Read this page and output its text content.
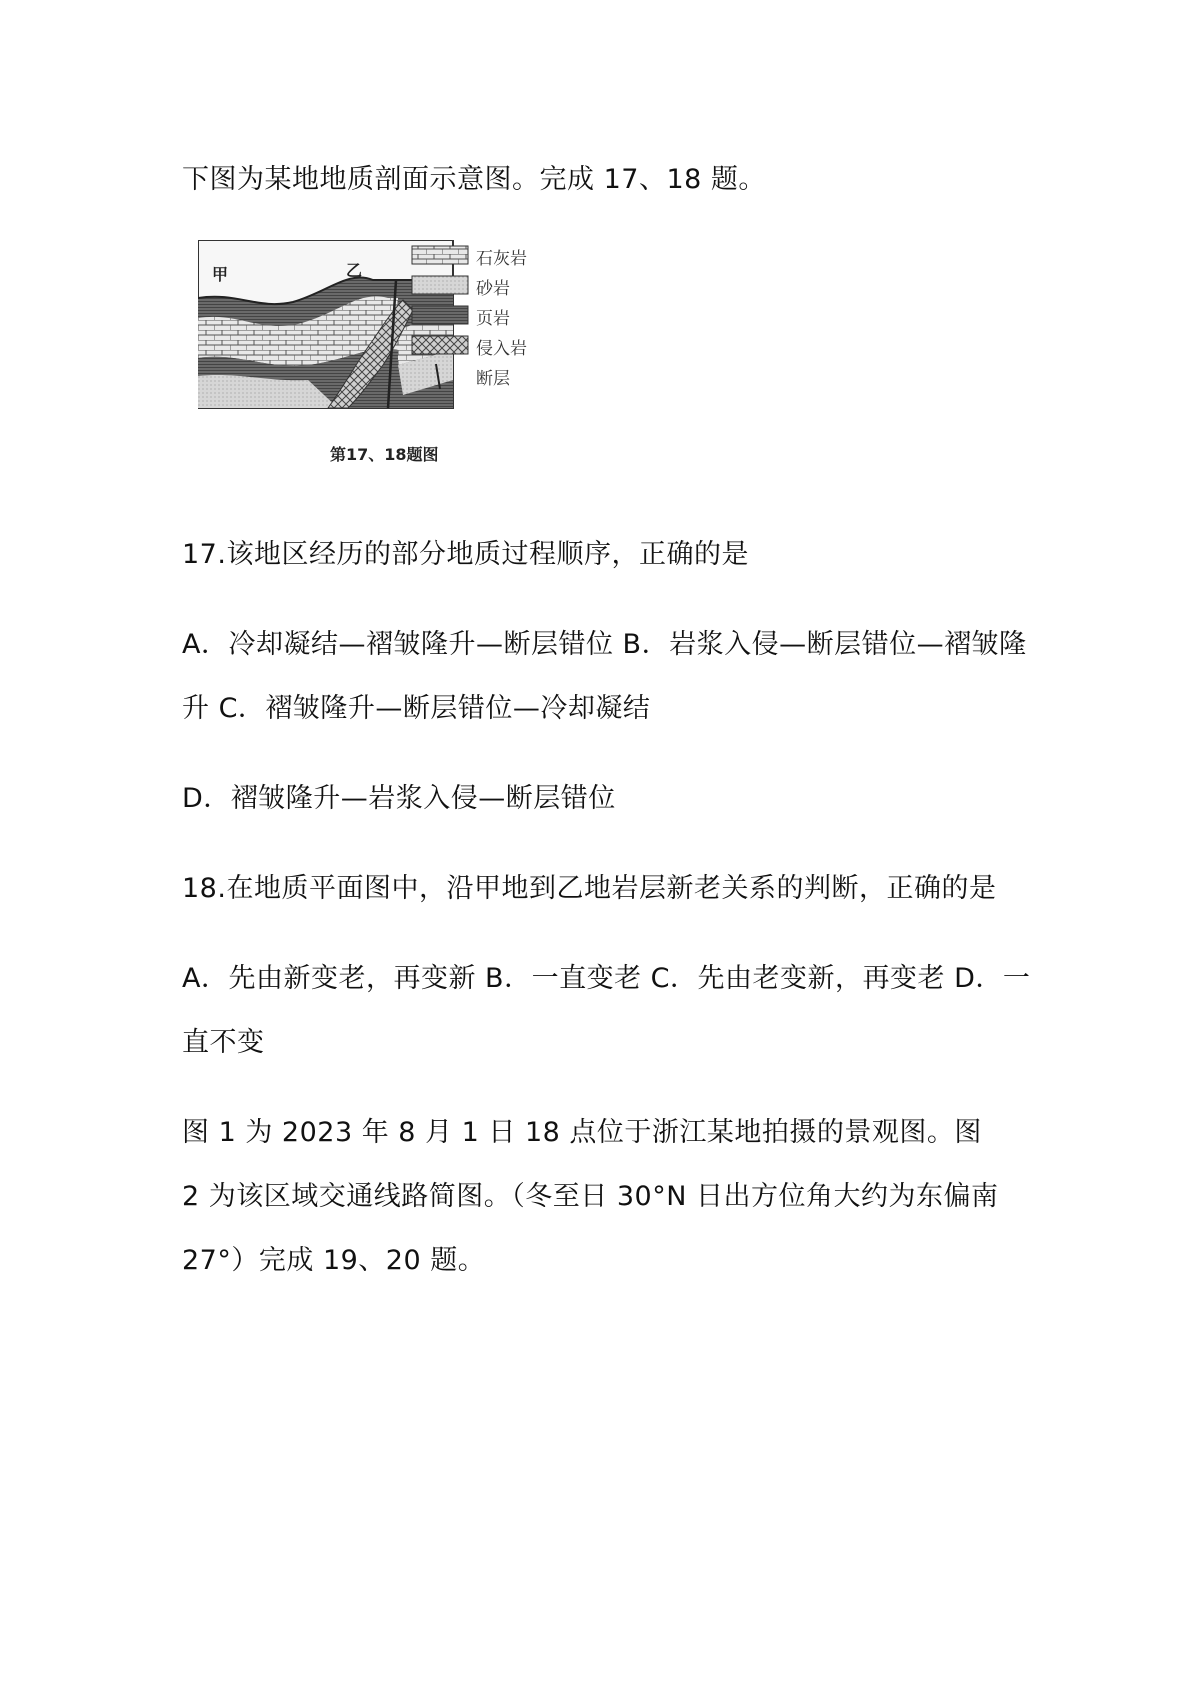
下图为某地地质剖面示意图。完成 17、18 题。
甲	乙
石灰岩
砂岩
页岩
侵入岩
断层
第17、18题图
17.该地区经历的部分地质过程顺序，正确的是
A．冷却凝结—褶皱隆升—断层错位 B．岩浆入侵—断层错位—褶皱隆
升 C．褶皱隆升—断层错位—冷却凝结
D．褶皱隆升—岩浆入侵—断层错位
18.在地质平面图中，沿甲地到乙地岩层新老关系的判断，正确的是
A．先由新变老，再变新 B．一直变老 C．先由老变新，再变老 D．一
直不变
图 1 为 2023 年 8 月 1 日 18 点位于浙江某地拍摄的景观图。图
2 为该区域交通线路简图。（冬至日 30°N 日出方位角大约为东偏南
27°）完成 19、20 题。
